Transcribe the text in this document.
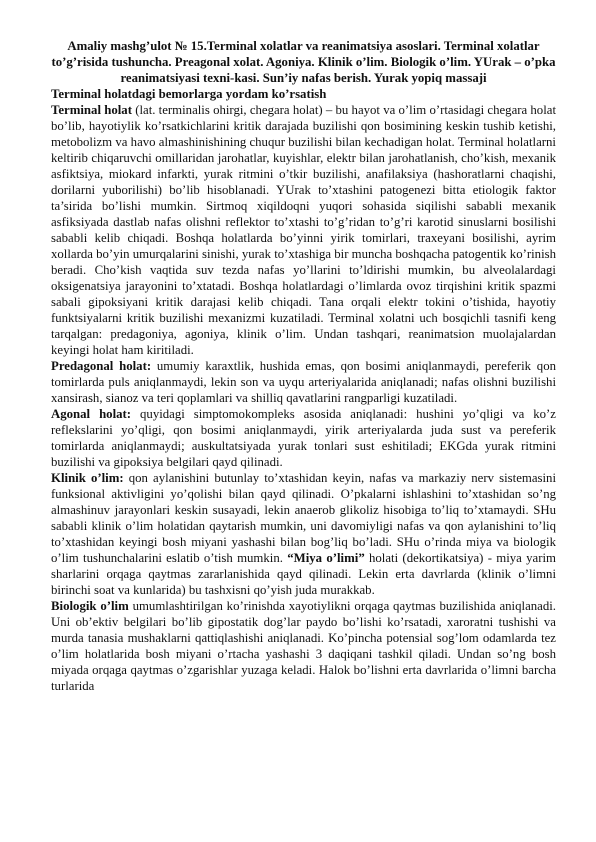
Amaliy mashg’ulot № 15.Terminal xolatlar va reanimatsiya asoslari. Terminal xolatlar to’g’risida tushuncha. Preagonal xolat. Agoniya. Klinik o’lim. Biologik o’lim. YUrak – o’pka reanimatsiyasi texni-kasi. Sun’iy nafas berish. Yurak yopiq massaji
Terminal holatdagi bemorlarga yordam ko’rsatish

Terminal holat (lat. terminalis ohirgi, chegara holat) – bu hayot va o’lim o’rtasidagi chegara holat bo’lib, hayotiylik ko’rsatkichlarini kritik darajada buzilishi qon bosimining keskin tushib ketishi, metobolizm va havo almashinishining chuqur buzilishi bilan kechadigan holat. Terminal holatlarni keltirib chiqaruvchi omillaridan jarohatlar, kuyishlar, elektr bilan jarohatlanish, cho’kish, mexanik asfiktsiya, miokard infarkti, yurak ritmini o’tkir buzilishi, anafilaksiya (hashoratlarni chaqishi, dorilarni yuborilishi) bo’lib hisoblanadi. YUrak to’xtashini patogenezi bitta etiologik faktor ta’sirida bo’lishi mumkin. Sirtmoq xiqildoqni yuqori sohasida siqilishi sababli mexanik asfiksiyada dastlab nafas olishni reflektor to’xtashi to’g’ridan to’g’ri karotid sinuslarni bosilishi sababli kelib chiqadi. Boshqa holatlarda bo’yinni yirik tomirlari, traxeyani bosilishi, ayrim xollarda bo’yin umurqalarini sinishi, yurak to’xtashiga bir muncha boshqacha patogentik ko’rinish beradi. Cho’kish vaqtida suv tezda nafas yo’llarini to’ldirishi mumkin, bu alveolalardagi oksigenatsiya jarayonini to’xtatadi. Boshqa holatlardagi o’limlarda ovoz tirqishini kritik spazmi sabali gipoksiyani kritik darajasi kelib chiqadi. Tana orqali elektr tokini o’tishida, hayotiy funktsiyalarni kritik buzilishi mexanizmi kuzatiladi. Terminal xolatni uch bosqichli tasnifi keng tarqalgan: predagoniya, agoniya, klinik o’lim. Undan tashqari, reanimatsion muolajalardan keyingi holat ham kiritiladi.

Predagonal holat: umumiy karaxtlik, hushida emas, qon bosimi aniqlanmaydi, pereferik qon tomirlarda puls aniqlanmaydi, lekin son va uyqu arteriyalarida aniqlanadi; nafas olishni buzilishi xansirash, sianoz va teri qoplamlari va shilliq qavatlarini rangparligi kuzatiladi.

Agonal holat: quyidagi simptomokompleks asosida aniqlanadi: hushini yo’qligi va ko’z reflekslarini yo’qligi, qon bosimi aniqlanmaydi, yirik arteriyalarda juda sust va pereferik tomirlarda aniqlanmaydi; auskultatsiyada yurak tonlari sust eshitiladi; EKGda yurak ritmini buzilishi va gipoksiya belgilari qayd qilinadi.

Klinik o’lim: qon aylanishini butunlay to’xtashidan keyin, nafas va markaziy nerv sistemasini funksional aktivligini yo’qolishi bilan qayd qilinadi. O’pkalarni ishlashini to’xtashidan so’ng almashinuv jarayonlari keskin susayadi, lekin anaerob glikoliz hisobiga to’liq to’xtamaydi. SHu sababli klinik o’lim holatidan qaytarish mumkin, uni davomiyligi nafas va qon aylanishini to’liq to’xtashidan keyingi bosh miyani yashashi bilan bog’liq bo’ladi. SHu o’rinda miya va biologik o’lim tushunchalarini eslatib o’tish mumkin. “Miya o’limi” holati (dekortikatsiya) - miya yarim sharlarini orqaga qaytmas zararlanishida qayd qilinadi. Lekin erta davrlarda (klinik o’limni birinchi soat va kunlarida) bu tashxisni qo’yish juda murakkab.

Biologik o’lim umumlashtirilgan ko’rinishda xayotiylikni orqaga qaytmas buzilishida aniqlanadi. Uni ob’ektiv belgilari bo’lib gipostatik dog’lar paydo bo’lishi ko’rsatadi, xaroratni tushishi va murda tanasia mushaklarni qattiqlashishi aniqlanadi. Ko’pincha potensial sog’lom odamlarda tez o’lim holatlarida bosh miyani o’rtacha yashashi 3 daqiqani tashkil qiladi. Undan so’ng bosh miyada orqaga qaytmas o’zgarishlar yuzaga keladi. Halok bo’lishni erta davrlarida o’limni barcha turlarida
